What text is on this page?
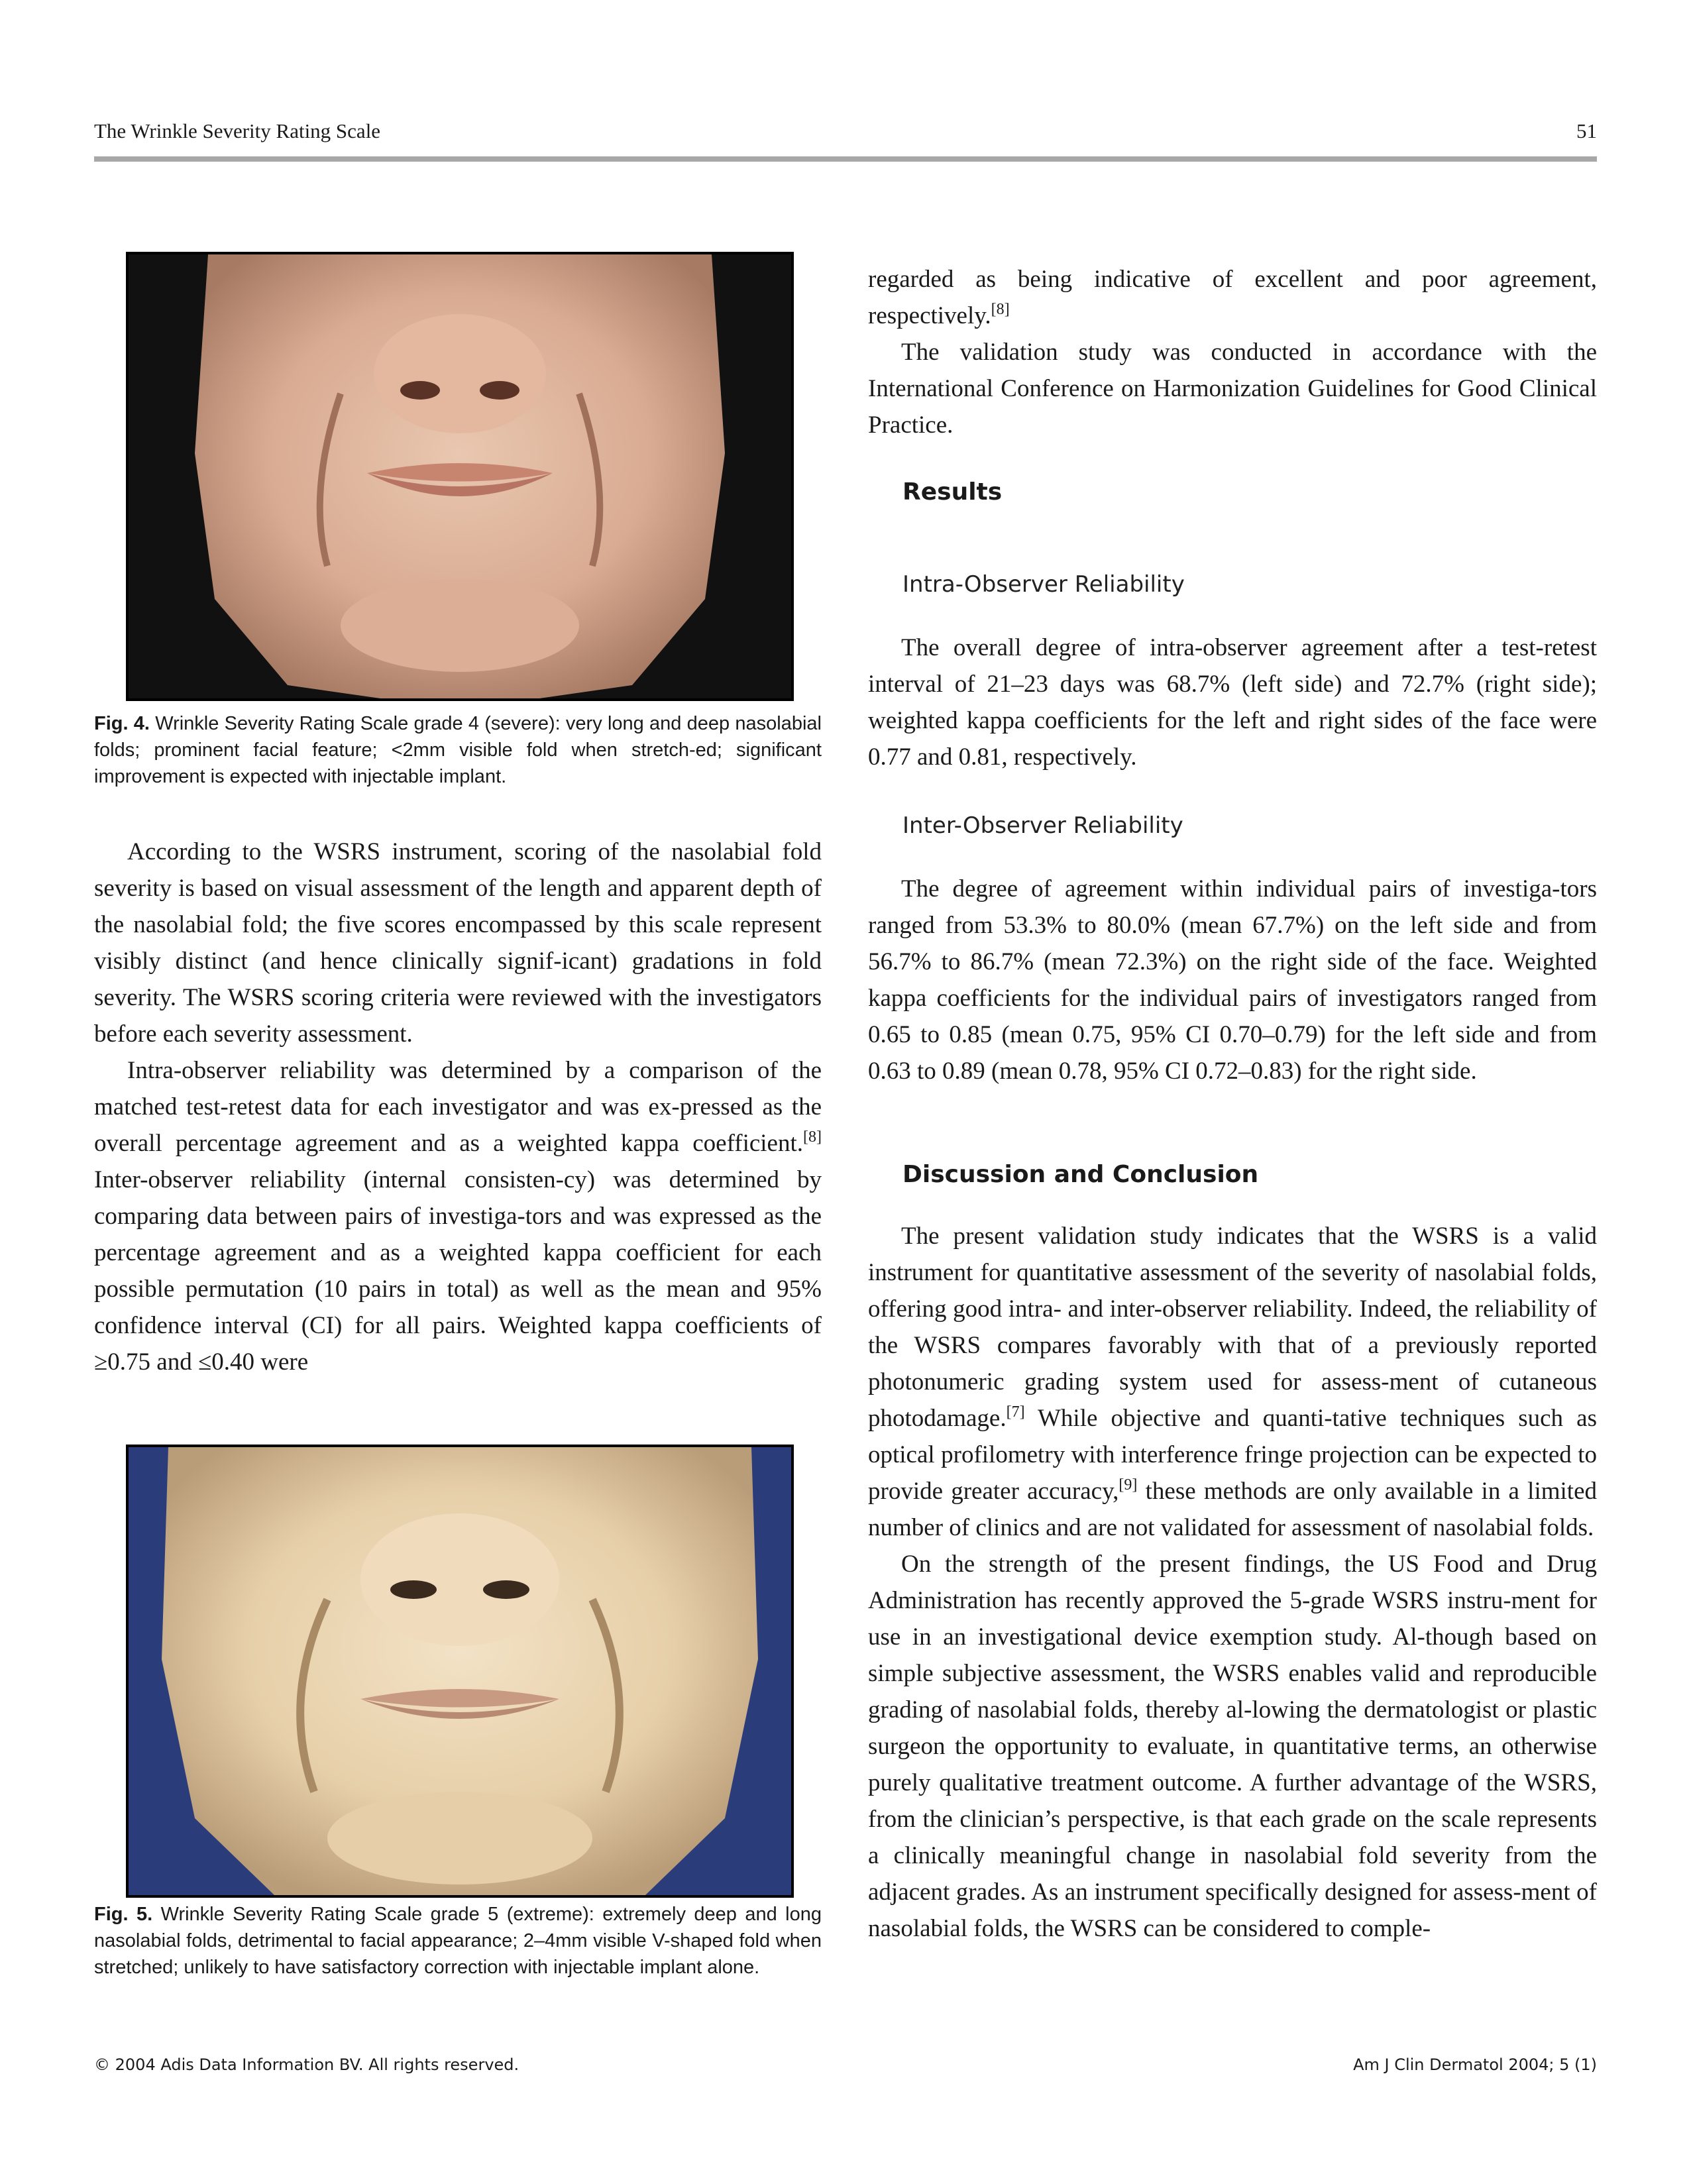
The Wrinkle Severity Rating Scale	51
Fig. 4. Wrinkle Severity Rating Scale grade 4 (severe): very long and deep nasolabial folds; prominent facial feature; <2mm visible fold when stretch-ed; significant improvement is expected with injectable implant.

According to the WSRS instrument, scoring of the nasolabial fold severity is based on visual assessment of the length and apparent depth of the nasolabial fold; the five scores encompassed by this scale represent visibly distinct (and hence clinically signif-icant) gradations in fold severity. The WSRS scoring criteria were reviewed with the investigators before each severity assessment.

Intra-observer reliability was determined by a comparison of the matched test-retest data for each investigator and was ex-pressed as the overall percentage agreement and as a weighted kappa coefficient.[8] Inter-observer reliability (internal consisten-cy) was determined by comparing data between pairs of investiga-tors and was expressed as the percentage agreement and as a weighted kappa coefficient for each possible permutation (10 pairs in total) as well as the mean and 95% confidence interval (CI) for all pairs. Weighted kappa coefficients of ≥0.75 and ≤0.40 were

Fig. 5. Wrinkle Severity Rating Scale grade 5 (extreme): extremely deep and long nasolabial folds, detrimental to facial appearance; 2–4mm visible V-shaped fold when stretched; unlikely to have satisfactory correction with injectable implant alone.

regarded as being indicative of excellent and poor agreement, respectively.[8]

The validation study was conducted in accordance with the International Conference on Harmonization Guidelines for Good Clinical Practice.

Results
Intra-Observer Reliability

The overall degree of intra-observer agreement after a test-retest interval of 21–23 days was 68.7% (left side) and 72.7% (right side); weighted kappa coefficients for the left and right sides of the face were 0.77 and 0.81, respectively.

Inter-Observer Reliability

The degree of agreement within individual pairs of investiga-tors ranged from 53.3% to 80.0% (mean 67.7%) on the left side and from 56.7% to 86.7% (mean 72.3%) on the right side of the face. Weighted kappa coefficients for the individual pairs of investigators ranged from 0.65 to 0.85 (mean 0.75, 95% CI 0.70–0.79) for the left side and from 0.63 to 0.89 (mean 0.78, 95% CI 0.72–0.83) for the right side.

Discussion and Conclusion

The present validation study indicates that the WSRS is a valid instrument for quantitative assessment of the severity of nasolabial folds, offering good intra- and inter-observer reliability. Indeed, the reliability of the WSRS compares favorably with that of a previously reported photonumeric grading system used for assess-ment of cutaneous photodamage.[7] While objective and quanti-tative techniques such as optical profilometry with interference fringe projection can be expected to provide greater accuracy,[9] these methods are only available in a limited number of clinics and are not validated for assessment of nasolabial folds.

On the strength of the present findings, the US Food and Drug Administration has recently approved the 5-grade WSRS instru-ment for use in an investigational device exemption study. Al-though based on simple subjective assessment, the WSRS enables valid and reproducible grading of nasolabial folds, thereby al-lowing the dermatologist or plastic surgeon the opportunity to evaluate, in quantitative terms, an otherwise purely qualitative treatment outcome. A further advantage of the WSRS, from the clinician’s perspective, is that each grade on the scale represents a clinically meaningful change in nasolabial fold severity from the adjacent grades. As an instrument specifically designed for assess-ment of nasolabial folds, the WSRS can be considered to comple-

© 2004 Adis Data Information BV. All rights reserved.	Am J Clin Dermatol 2004; 5 (1)
